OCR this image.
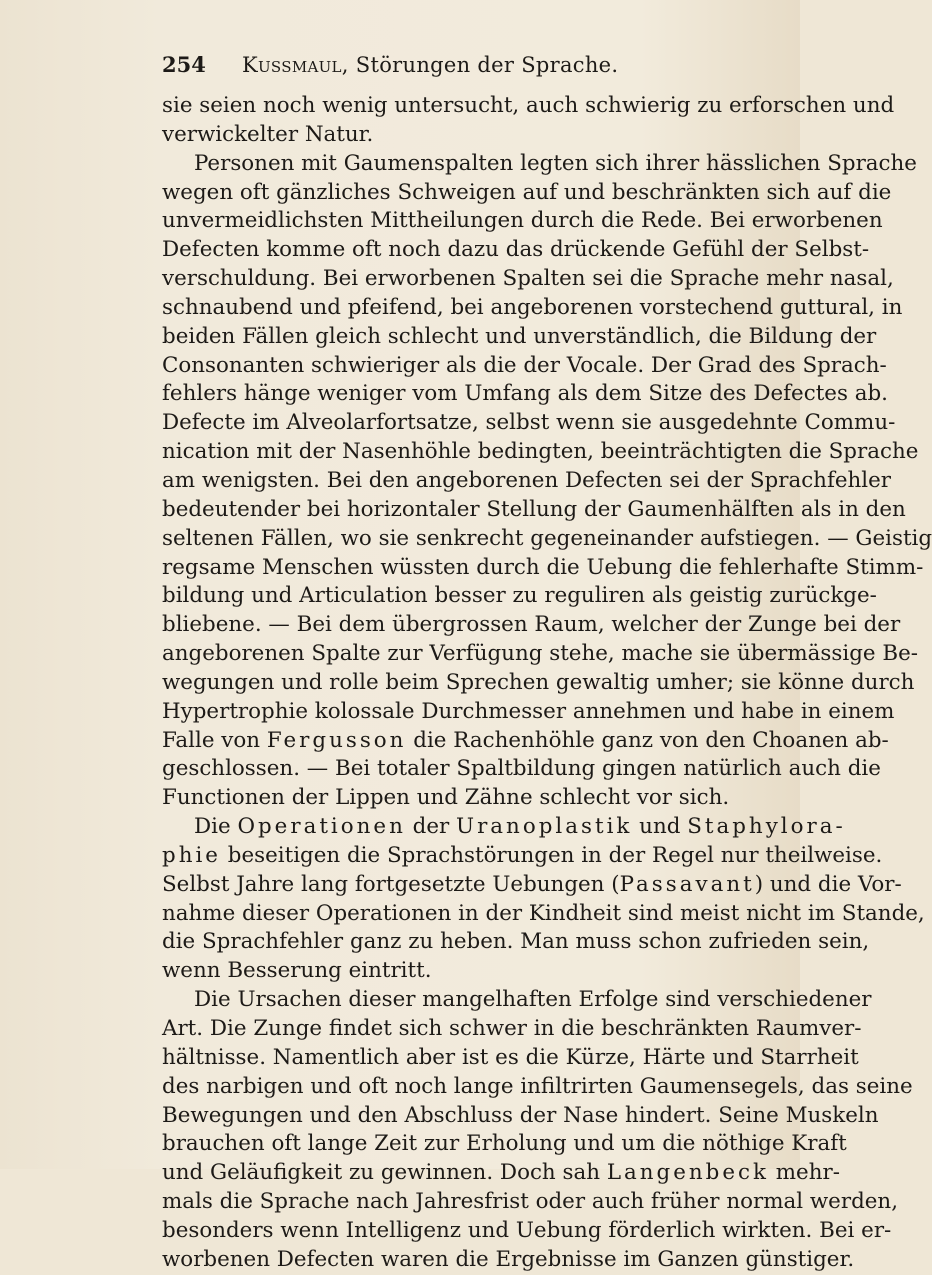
254 Kussmaul, Störungen der Sprache.
sie seien noch wenig untersucht, auch schwierig zu erforschen und
verwickelter Natur.
Personen mit Gaumenspalten legten sich ihrer hässlichen Sprache
wegen oft gänzliches Schweigen auf und beschränkten sich auf die
unvermeidlichsten Mittheilungen durch die Rede. Bei erworbenen
Defecten komme oft noch dazu das drückende Gefühl der Selbst-
verschuldung. Bei erworbenen Spalten sei die Sprache mehr nasal,
schnaubend und pfeifend, bei angeborenen vorstechend guttural, in
beiden Fällen gleich schlecht und unverständlich, die Bildung der
Consonanten schwieriger als die der Vocale. Der Grad des Sprach-
fehlers hänge weniger vom Umfang als dem Sitze des Defectes ab.
Defecte im Alveolarfortsatze, selbst wenn sie ausgedehnte Commu-
nication mit der Nasenhöhle bedingten, beeinträchtigten die Sprache
am wenigsten. Bei den angeborenen Defecten sei der Sprachfehler
bedeutender bei horizontaler Stellung der Gaumenhälften als in den
seltenen Fällen, wo sie senkrecht gegeneinander aufstiegen. — Geistig
regsame Menschen wüssten durch die Uebung die fehlerhafte Stimm-
bildung und Articulation besser zu reguliren als geistig zurückge-
bliebene. — Bei dem übergrossen Raum, welcher der Zunge bei der
angeborenen Spalte zur Verfügung stehe, mache sie übermässige Be-
wegungen und rolle beim Sprechen gewaltig umher; sie könne durch
Hypertrophie kolossale Durchmesser annehmen und habe in einem
Falle von Fergusson die Rachenhöhle ganz von den Choanen ab-
geschlossen. — Bei totaler Spaltbildung gingen natürlich auch die
Functionen der Lippen und Zähne schlecht vor sich.
Die Operationen der Uranoplastik und Staphylora-
phie beseitigen die Sprachstörungen in der Regel nur theilweise.
Selbst Jahre lang fortgesetzte Uebungen (Passavant) und die Vor-
nahme dieser Operationen in der Kindheit sind meist nicht im Stande,
die Sprachfehler ganz zu heben. Man muss schon zufrieden sein,
wenn Besserung eintritt.
Die Ursachen dieser mangelhaften Erfolge sind verschiedener
Art. Die Zunge findet sich schwer in die beschränkten Raumver-
hältnisse. Namentlich aber ist es die Kürze, Härte und Starrheit
des narbigen und oft noch lange infiltrirten Gaumensegels, das seine
Bewegungen und den Abschluss der Nase hindert. Seine Muskeln
brauchen oft lange Zeit zur Erholung und um die nöthige Kraft
und Geläufigkeit zu gewinnen. Doch sah Langenbeck mehr-
mals die Sprache nach Jahresfrist oder auch früher normal werden,
besonders wenn Intelligenz und Uebung förderlich wirkten. Bei er-
worbenen Defecten waren die Ergebnisse im Ganzen günstiger.
